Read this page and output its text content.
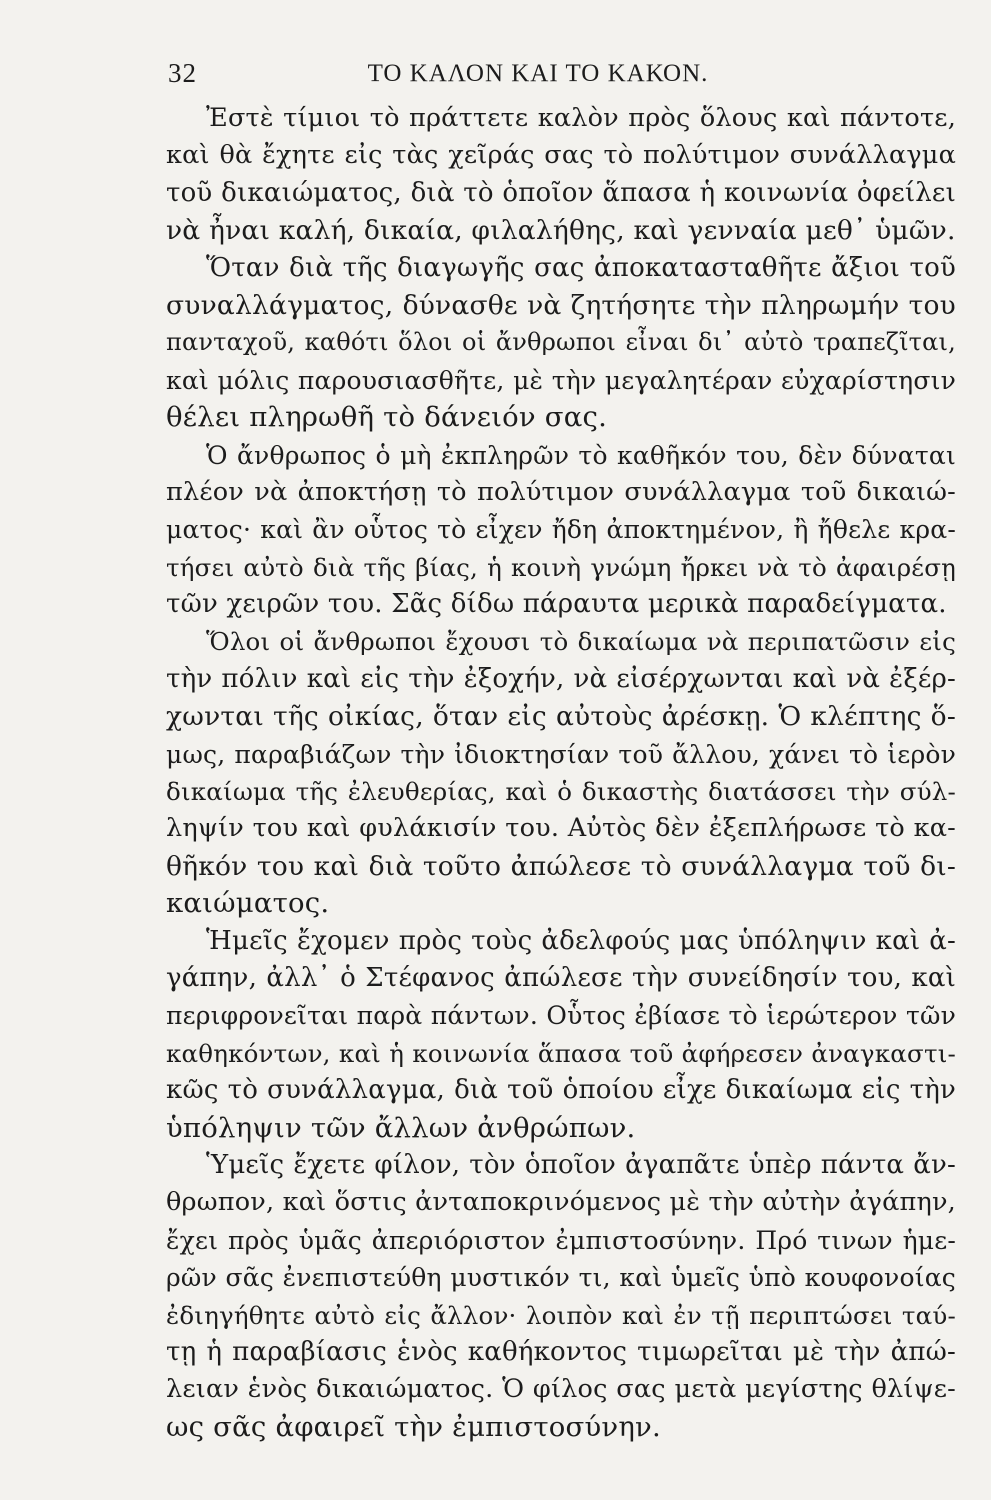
32	ΤΟ ΚΑΛΟΝ ΚΑΙ ΤΟ ΚΑΚΟΝ.
Ἐστὲ τίμιοι τὸ πράττετε καλὸν πρὸς ὅλους καὶ πάντοτε,
καὶ θὰ ἔχητε εἰς τὰς χεῖράς σας τὸ πολύτιμον συνάλλαγμα
τοῦ δικαιώματος, διὰ τὸ ὁποῖον ἅπασα ἡ κοινωνία ὀφείλει
νὰ ἦναι καλή, δικαία, φιλαλήθης, καὶ γενναία μεθ᾽ ὑμῶν.
Ὅταν διὰ τῆς διαγωγῆς σας ἀποκατασταθῆτε ἄξιοι τοῦ
συναλλάγματος, δύνασθε νὰ ζητήσητε τὴν πληρωμήν του
πανταχοῦ, καθότι ὅλοι οἱ ἄνθρωποι εἶναι δι᾽ αὐτὸ τραπεζῖται,
καὶ μόλις παρουσιασθῆτε, μὲ τὴν μεγαλητέραν εὐχαρίστησιν
θέλει πληρωθῆ τὸ δάνειόν σας.
Ὁ ἄνθρωπος ὁ μὴ ἐκπληρῶν τὸ καθῆκόν του, δὲν δύναται
πλέον νὰ ἀποκτήσῃ τὸ πολύτιμον συνάλλαγμα τοῦ δικαιώ-
ματος· καὶ ἂν οὗτος τὸ εἶχεν ἤδη ἀποκτημένον, ἢ ἤθελε κρα-
τήσει αὐτὸ διὰ τῆς βίας, ἡ κοινὴ γνώμη ἤρκει νὰ τὸ ἀφαιρέσῃ
τῶν χειρῶν του. Σᾶς δίδω πάραυτα μερικὰ παραδείγματα.
Ὅλοι οἱ ἄνθρωποι ἔχουσι τὸ δικαίωμα νὰ περιπατῶσιν εἰς
τὴν πόλιν καὶ εἰς τὴν ἐξοχήν, νὰ εἰσέρχωνται καὶ νὰ ἐξέρ-
χωνται τῆς οἰκίας, ὅταν εἰς αὐτοὺς ἀρέσκῃ. Ὁ κλέπτης ὅ-
μως, παραβιάζων τὴν ἰδιοκτησίαν τοῦ ἄλλου, χάνει τὸ ἱερὸν
δικαίωμα τῆς ἐλευθερίας, καὶ ὁ δικαστὴς διατάσσει τὴν σύλ-
ληψίν του καὶ φυλάκισίν του. Αὐτὸς δὲν ἐξεπλήρωσε τὸ κα-
θῆκόν του καὶ διὰ τοῦτο ἀπώλεσε τὸ συνάλλαγμα τοῦ δι-
καιώματος.
Ἡμεῖς ἔχομεν πρὸς τοὺς ἀδελφούς μας ὑπόληψιν καὶ ἀ-
γάπην, ἀλλ᾽ ὁ Στέφανος ἀπώλεσε τὴν συνείδησίν του, καὶ
περιφρονεῖται παρὰ πάντων. Οὗτος ἐβίασε τὸ ἱερώτερον τῶν
καθηκόντων, καὶ ἡ κοινωνία ἅπασα τοῦ ἀφήρεσεν ἀναγκαστι-
κῶς τὸ συνάλλαγμα, διὰ τοῦ ὁποίου εἶχε δικαίωμα εἰς τὴν
ὑπόληψιν τῶν ἄλλων ἀνθρώπων.
Ὑμεῖς ἔχετε φίλον, τὸν ὁποῖον ἀγαπᾶτε ὑπὲρ πάντα ἄν-
θρωπον, καὶ ὅστις ἀνταποκρινόμενος μὲ τὴν αὐτὴν ἀγάπην,
ἔχει πρὸς ὑμᾶς ἀπεριόριστον ἐμπιστοσύνην. Πρό τινων ἡμε-
ρῶν σᾶς ἐνεπιστεύθη μυστικόν τι, καὶ ὑμεῖς ὑπὸ κουφονοίας
ἐδιηγήθητε αὐτὸ εἰς ἄλλον· λοιπὸν καὶ ἐν τῇ περιπτώσει ταύ-
τῃ ἡ παραβίασις ἑνὸς καθήκοντος τιμωρεῖται μὲ τὴν ἀπώ-
λειαν ἑνὸς δικαιώματος. Ὁ φίλος σας μετὰ μεγίστης θλίψε-
ως σᾶς ἀφαιρεῖ τὴν ἐμπιστοσύνην.
